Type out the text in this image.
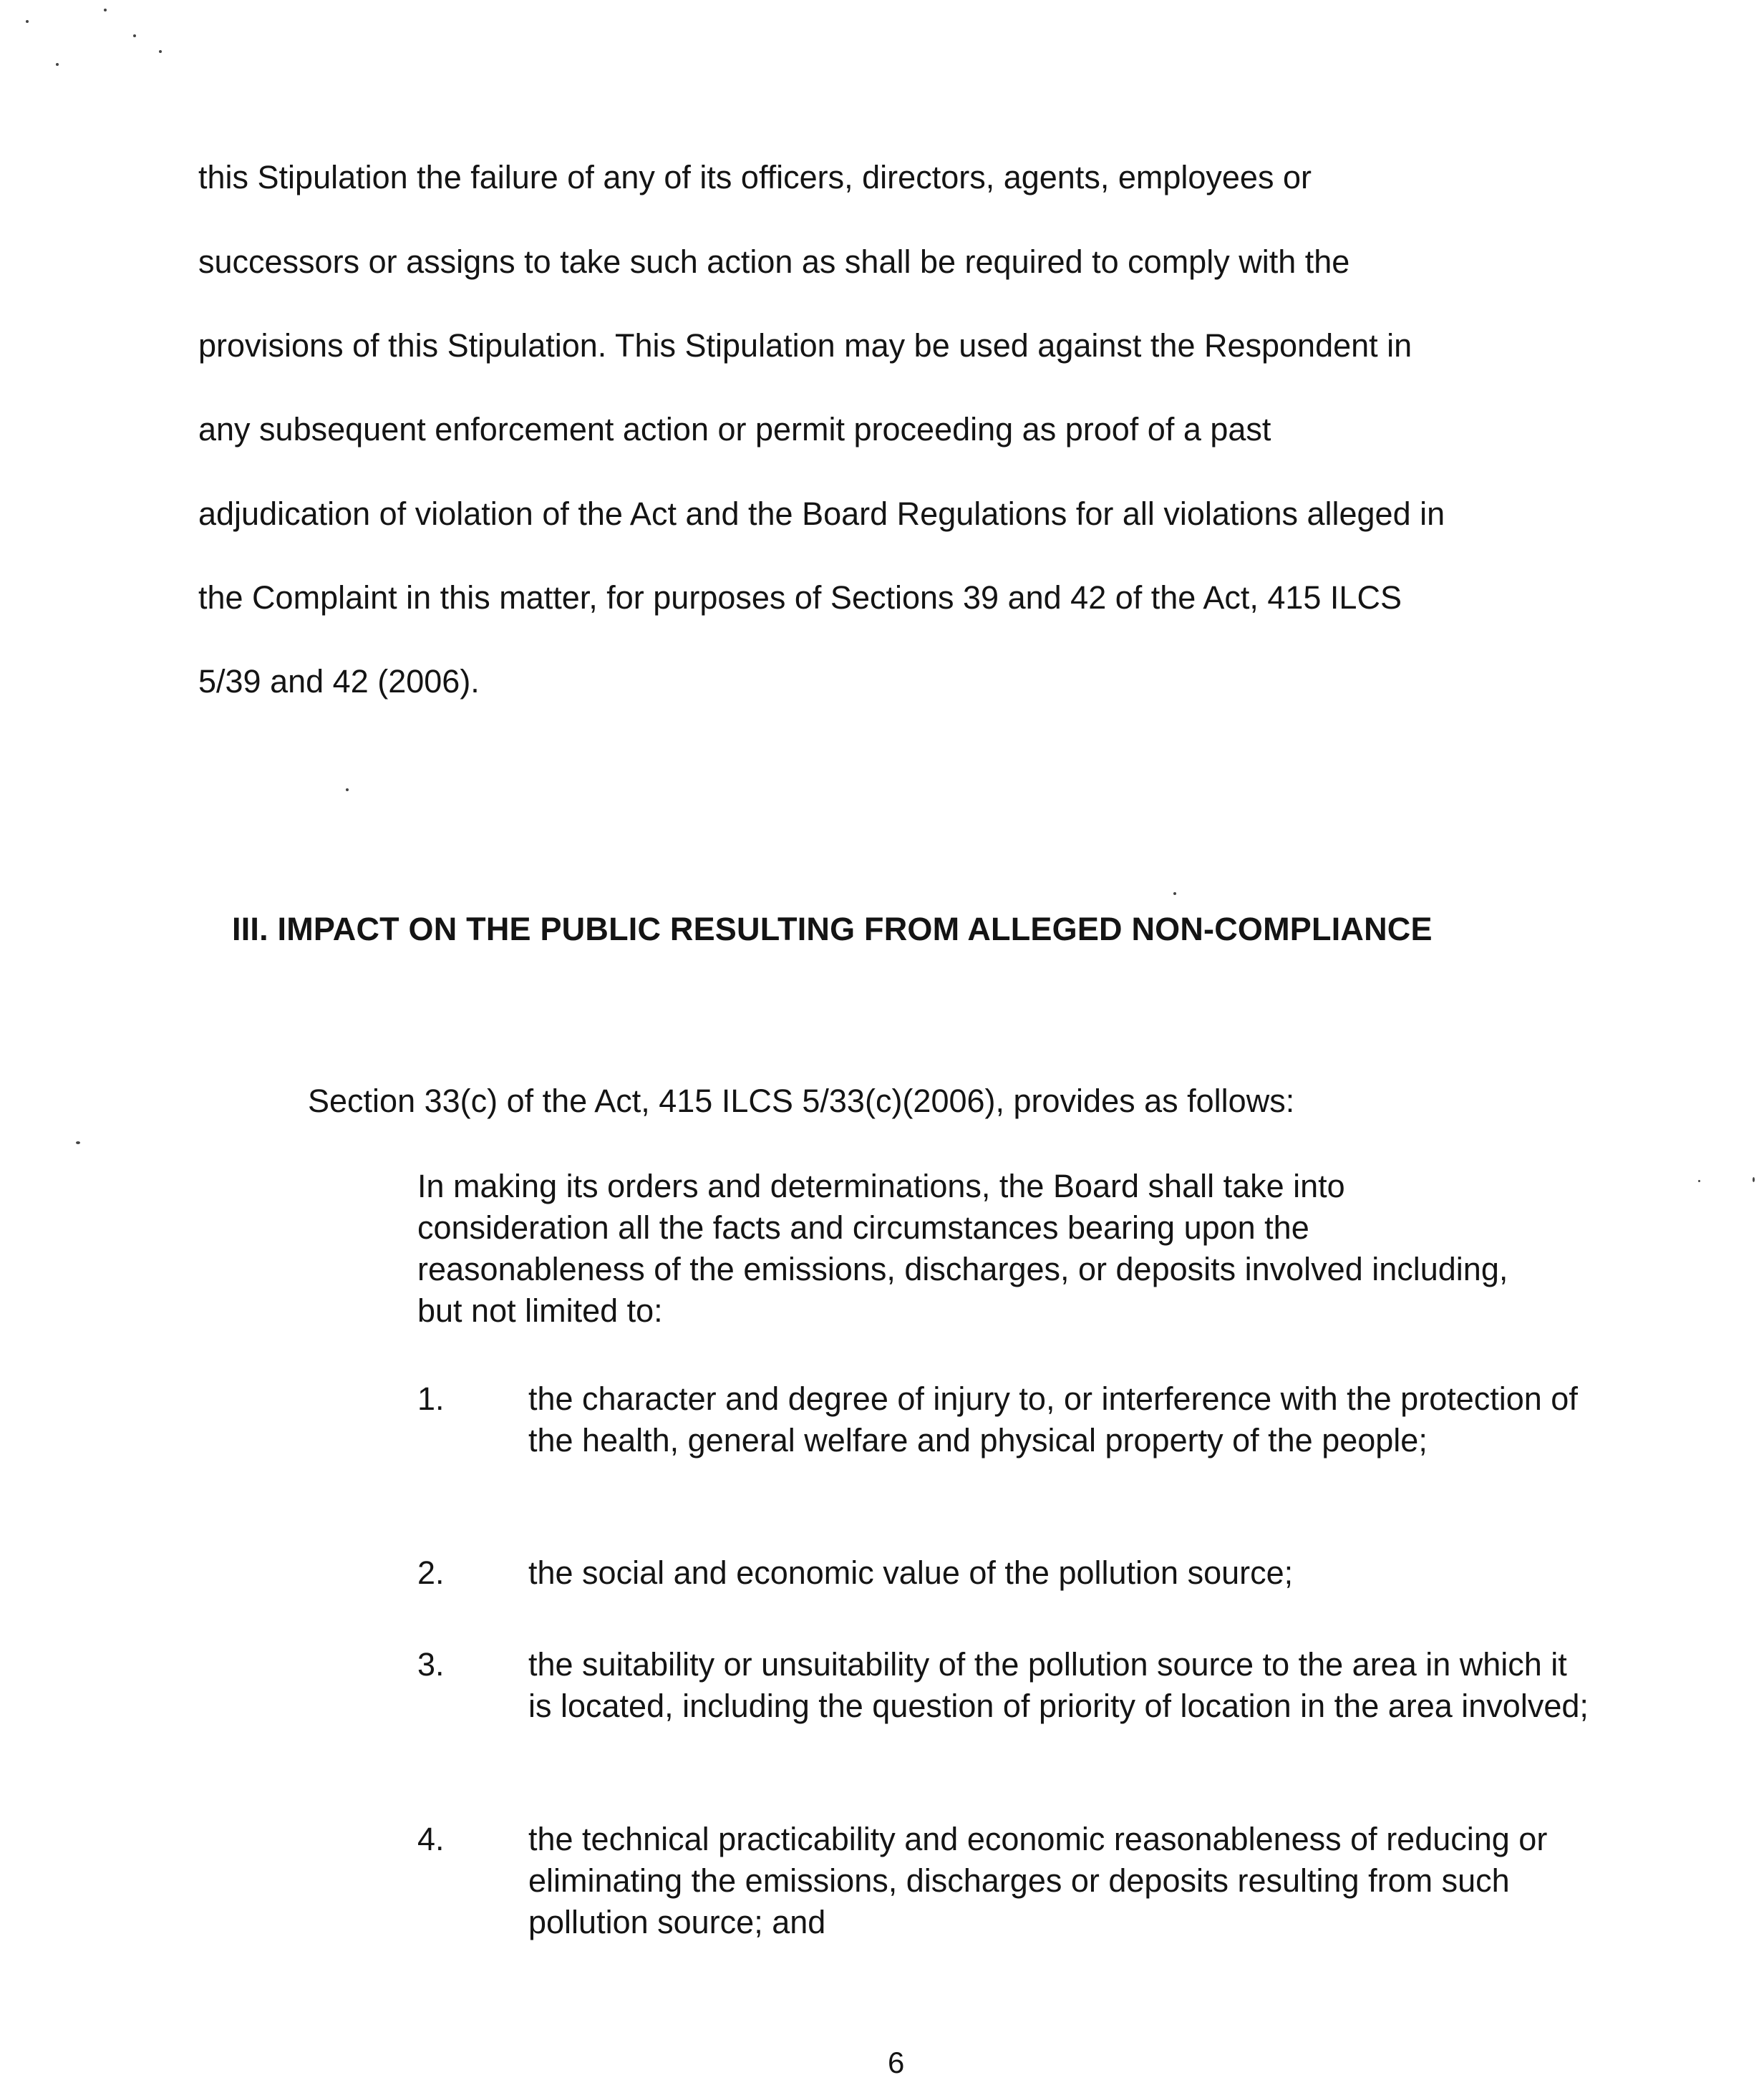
this Stipulation the failure of any of its officers, directors, agents, employees or

successors or assigns to take such action as shall be required to comply with the

provisions of this Stipulation. This Stipulation may be used against the Respondent in

any subsequent enforcement action or permit proceeding as proof of a past

adjudication of violation of the Act and the Board Regulations for all violations alleged in

the Complaint in this matter, for purposes of Sections 39 and 42 of the Act, 415 ILCS

5/39 and 42 (2006).

III. IMPACT ON THE PUBLIC RESULTING FROM ALLEGED NON-COMPLIANCE

Section 33(c) of the Act, 415 ILCS 5/33(c)(2006), provides as follows:

In making its orders and determinations, the Board shall take into consideration all the facts and circumstances bearing upon the reasonableness of the emissions, discharges, or deposits involved including, but not limited to:

1.	the character and degree of injury to, or interference with the protection of the health, general welfare and physical property of the people;
2.	the social and economic value of the pollution source;
3.	the suitability or unsuitability of the pollution source to the area in which it is located, including the question of priority of location in the area involved;
4.	the technical practicability and economic reasonableness of reducing or eliminating the emissions, discharges or deposits resulting from such pollution source; and

6
